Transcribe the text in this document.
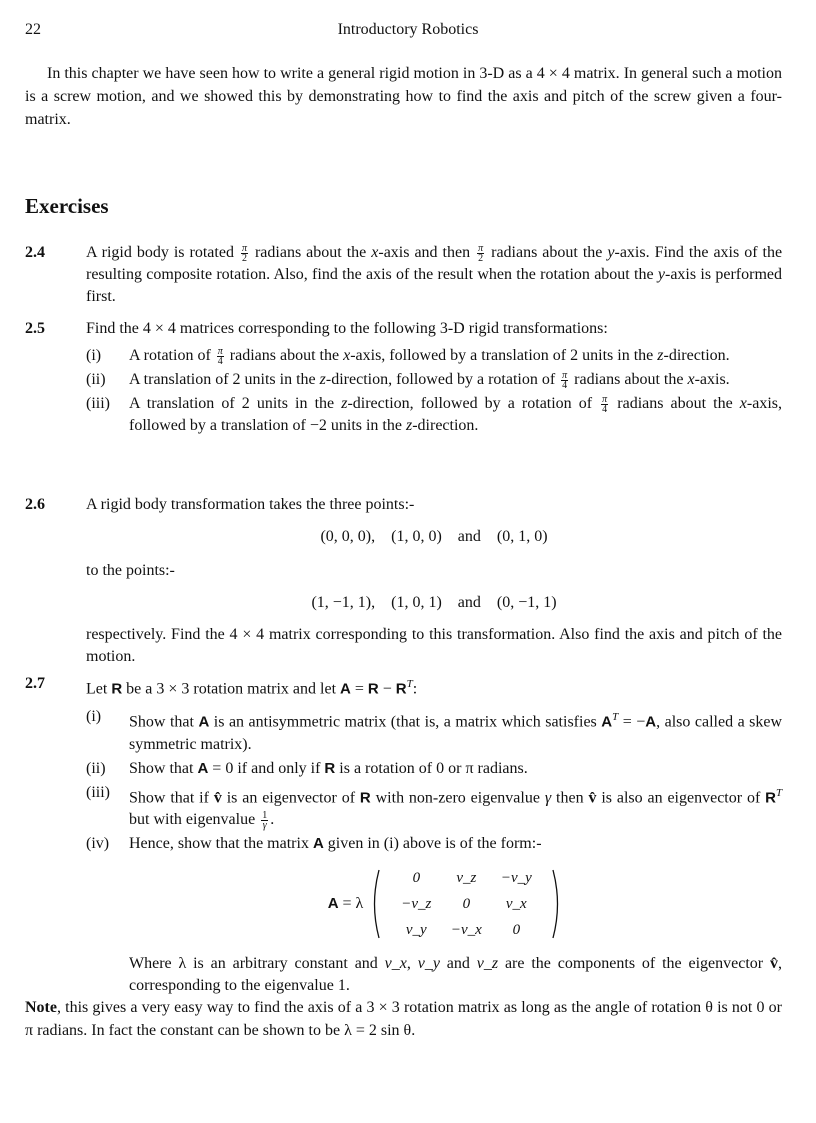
22	Introductory Robotics
In this chapter we have seen how to write a general rigid motion in 3-D as a 4 × 4 matrix. In general such a motion is a screw motion, and we showed this by demonstrating how to find the axis and pitch of the screw given a four-matrix.
Exercises
2.4	A rigid body is rotated $\frac{\pi}{2}$ radians about the x-axis and then $\frac{\pi}{2}$ radians about the y-axis. Find the axis of the resulting composite rotation. Also, find the axis of the result when the rotation about the y-axis is performed first.
2.5	Find the 4 × 4 matrices corresponding to the following 3-D rigid transformations:
(i) A rotation of $\frac{\pi}{4}$ radians about the x-axis, followed by a translation of 2 units in the z-direction.
(ii) A translation of 2 units in the z-direction, followed by a rotation of $\frac{\pi}{4}$ radians about the x-axis.
(iii) A translation of 2 units in the z-direction, followed by a rotation of $\frac{\pi}{4}$ radians about the x-axis, followed by a translation of −2 units in the z-direction.
2.6	A rigid body transformation takes the three points:-
(0, 0, 0),    (1, 0, 0)    and    (0, 1, 0)
to the points:-
(1, −1, 1),    (1, 0, 1)    and    (0, −1, 1)
respectively. Find the 4 × 4 matrix corresponding to this transformation. Also find the axis and pitch of the motion.
2.7	Let R be a 3 × 3 rotation matrix and let $A = R - R^T$:
(i) Show that A is an antisymmetric matrix (that is, a matrix which satisfies $A^T = -A$, also called a skew symmetric matrix).
(ii) Show that A = 0 if and only if R is a rotation of 0 or π radians.
(iii) Show that if v̂ is an eigenvector of R with non-zero eigenvalue γ then v̂ is also an eigenvector of $R^T$ but with eigenvalue $\frac{1}{\gamma}$ .
(iv) Hence, show that the matrix A given in (i) above is of the form:-
A = λ
0	v_z	−v_y
−v_z	0	v_x
v_y	−v_x	0
Where λ is an arbitrary constant and v_x, v_y and v_z are the components of the eigenvector v̂, corresponding to the eigenvalue 1.
Note, this gives a very easy way to find the axis of a 3 × 3 rotation matrix as long as the angle of rotation θ is not 0 or π radians. In fact the constant can be shown to be λ = 2 sin θ.
